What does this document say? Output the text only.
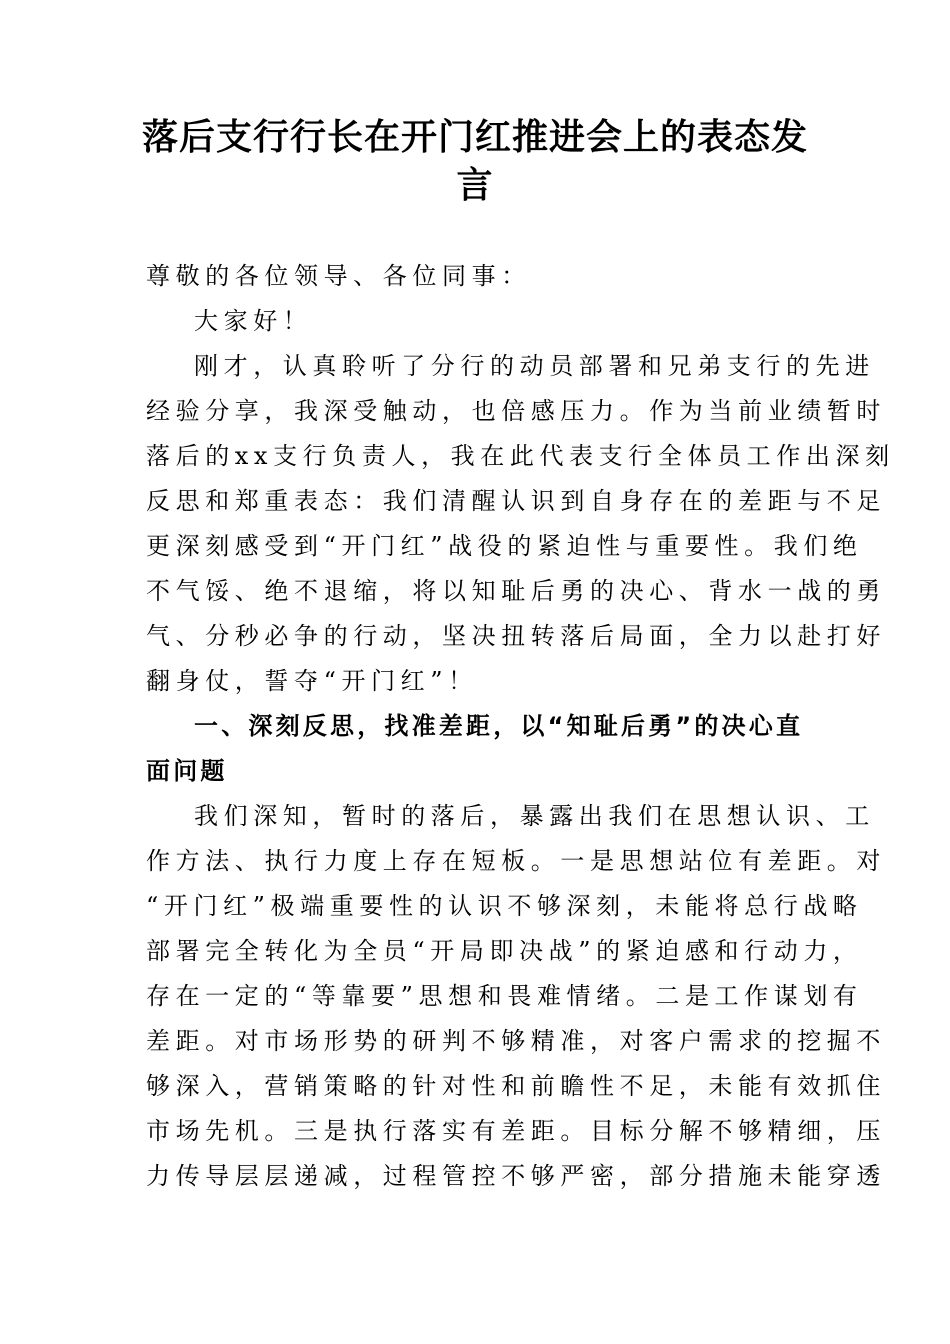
落后支行行长在开门红推进会上的表态发
言
尊敬的各位领导、各位同事：
大家好！
刚才，认真聆听了分行的动员部署和兄弟支行的先进
经验分享，我深受触动，也倍感压力。作为当前业绩暂时
落后的xx支行负责人，我在此代表支行全体员工作出深刻
反思和郑重表态：我们清醒认识到自身存在的差距与不足
更深刻感受到“开门红”战役的紧迫性与重要性。我们绝
不气馁、绝不退缩，将以知耻后勇的决心、背水一战的勇
气、分秒必争的行动，坚决扭转落后局面，全力以赴打好
翻身仗，誓夺“开门红”！
一、深刻反思，找准差距，以“知耻后勇”的决心直
面问题
我们深知，暂时的落后，暴露出我们在思想认识、工
作方法、执行力度上存在短板。一是思想站位有差距。对
“开门红”极端重要性的认识不够深刻，未能将总行战略
部署完全转化为全员“开局即决战”的紧迫感和行动力，
存在一定的“等靠要”思想和畏难情绪。二是工作谋划有
差距。对市场形势的研判不够精准，对客户需求的挖掘不
够深入，营销策略的针对性和前瞻性不足，未能有效抓住
市场先机。三是执行落实有差距。目标分解不够精细，压
力传导层层递减，过程管控不够严密，部分措施未能穿透
